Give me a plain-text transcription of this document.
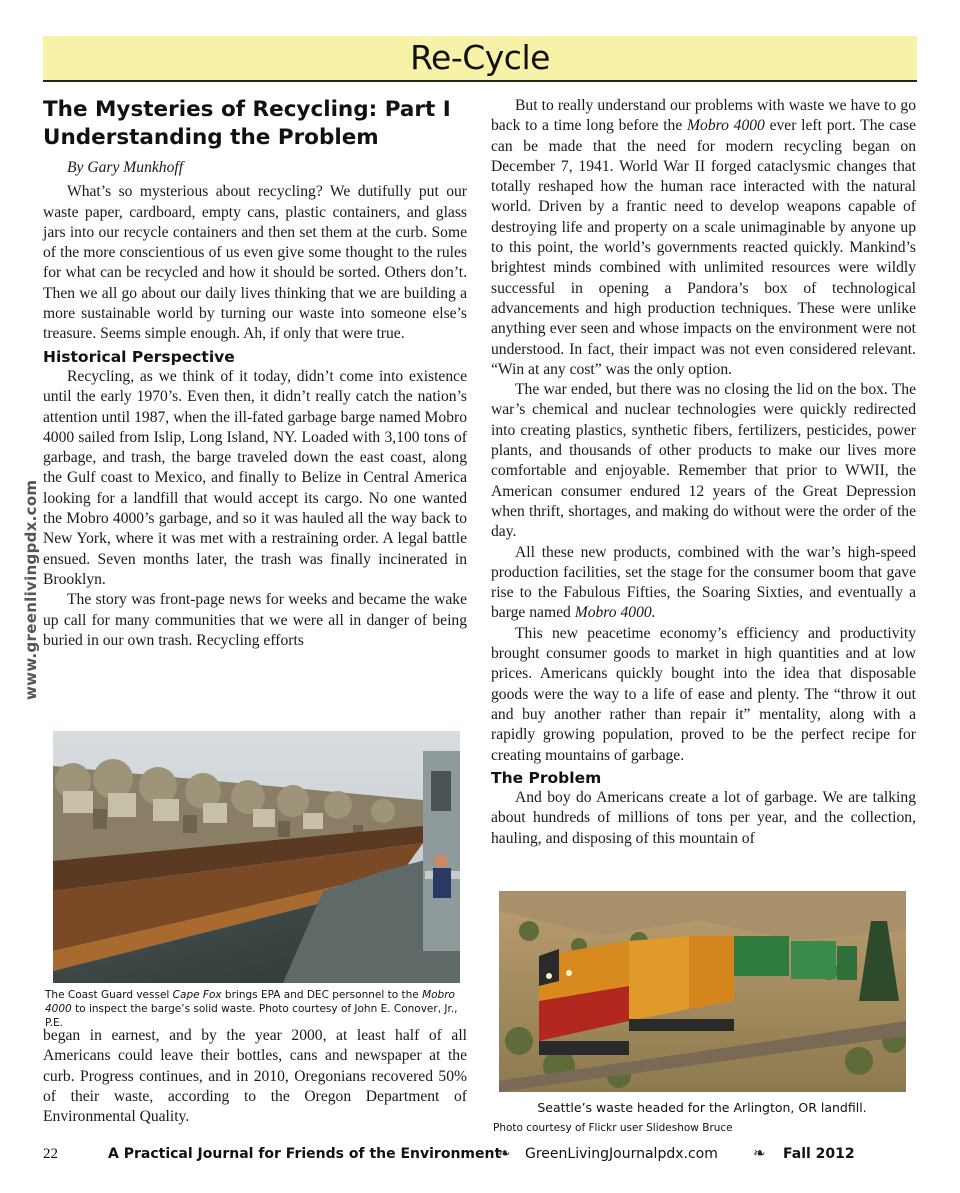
Re-Cycle
www.greenlivingpdx.com
The Mysteries of Recycling: Part I Understanding the Problem
By Gary Munkhoff

What’s so mysterious about recycling? We dutifully put our waste paper, cardboard, empty cans, plastic containers, and glass jars into our recycle containers and then set them at the curb. Some of the more conscientious of us even give some thought to the rules for what can be recycled and how it should be sorted. Others don’t. Then we all go about our daily lives thinking that we are building a more sustainable world by turning our waste into someone else’s treasure. Seems simple enough. Ah, if only that were true.

Historical Perspective

Recycling, as we think of it today, didn’t come into existence until the early 1970’s. Even then, it didn’t really catch the nation’s attention until 1987, when the ill-fated garbage barge named Mobro 4000 sailed from Islip, Long Island, NY. Loaded with 3,100 tons of garbage, and trash, the barge traveled down the east coast, along the Gulf coast to Mexico, and finally to Belize in Central America looking for a landfill that would accept its cargo. No one wanted the Mobro 4000’s garbage, and so it was hauled all the way back to New York, where it was met with a restraining order. A legal battle ensued. Seven months later, the trash was finally incinerated in Brooklyn.

The story was front-page news for weeks and became the wake up call for many communities that we were all in danger of being buried in our own trash. Recycling efforts

The Coast Guard vessel Cape Fox brings EPA and DEC personnel to the Mobro 4000 to inspect the barge’s solid waste. Photo courtesy of John E. Conover, Jr., P.E.

began in earnest, and by the year 2000, at least half of all Americans could leave their bottles, cans and newspaper at the curb. Progress continues, and in 2010, Oregonians recovered 50% of their waste, according to the Oregon Department of Environmental Quality.

But to really understand our problems with waste we have to go back to a time long before the Mobro 4000 ever left port. The case can be made that the need for modern recycling began on December 7, 1941. World War II forged cataclysmic changes that totally reshaped how the human race interacted with the natural world. Driven by a frantic need to develop weapons capable of destroying life and property on a scale unimaginable by anyone up to this point, the world’s governments reacted quickly. Mankind’s brightest minds combined with unlimited resources were wildly successful in opening a Pandora’s box of technological advancements and high production techniques. These were unlike anything ever seen and whose impacts on the environment were not understood. In fact, their impact was not even considered relevant. “Win at any cost” was the only option.

The war ended, but there was no closing the lid on the box. The war’s chemical and nuclear technologies were quickly redirected into creating plastics, synthetic fibers, fertilizers, pesticides, power plants, and thousands of other products to make our lives more comfortable and enjoyable. Remember that prior to WWII, the American consumer endured 12 years of the Great Depression when thrift, shortages, and making do without were the order of the day.

All these new products, combined with the war’s high-speed production facilities, set the stage for the consumer boom that gave rise to the Fabulous Fifties, the Soaring Sixties, and eventually a barge named Mobro 4000.

This new peacetime economy’s efficiency and productivity brought consumer goods to market in high quantities and at low prices. Americans quickly bought into the idea that disposable goods were the way to a life of ease and plenty. The “throw it out and buy another rather than repair it” mentality, along with a rapidly growing population, proved to be the perfect recipe for creating mountains of garbage.

The Problem

And boy do Americans create a lot of garbage. We are talking about hundreds of millions of tons per year, and the collection, hauling, and disposing of this mountain of

Seattle’s waste headed for the Arlington, OR landfill.
Photo courtesy of Flickr user Slideshow Bruce
22	A Practical Journal for Friends of the Environment
❧ GreenLivingJournalpdx.com ❧ Fall 2012
